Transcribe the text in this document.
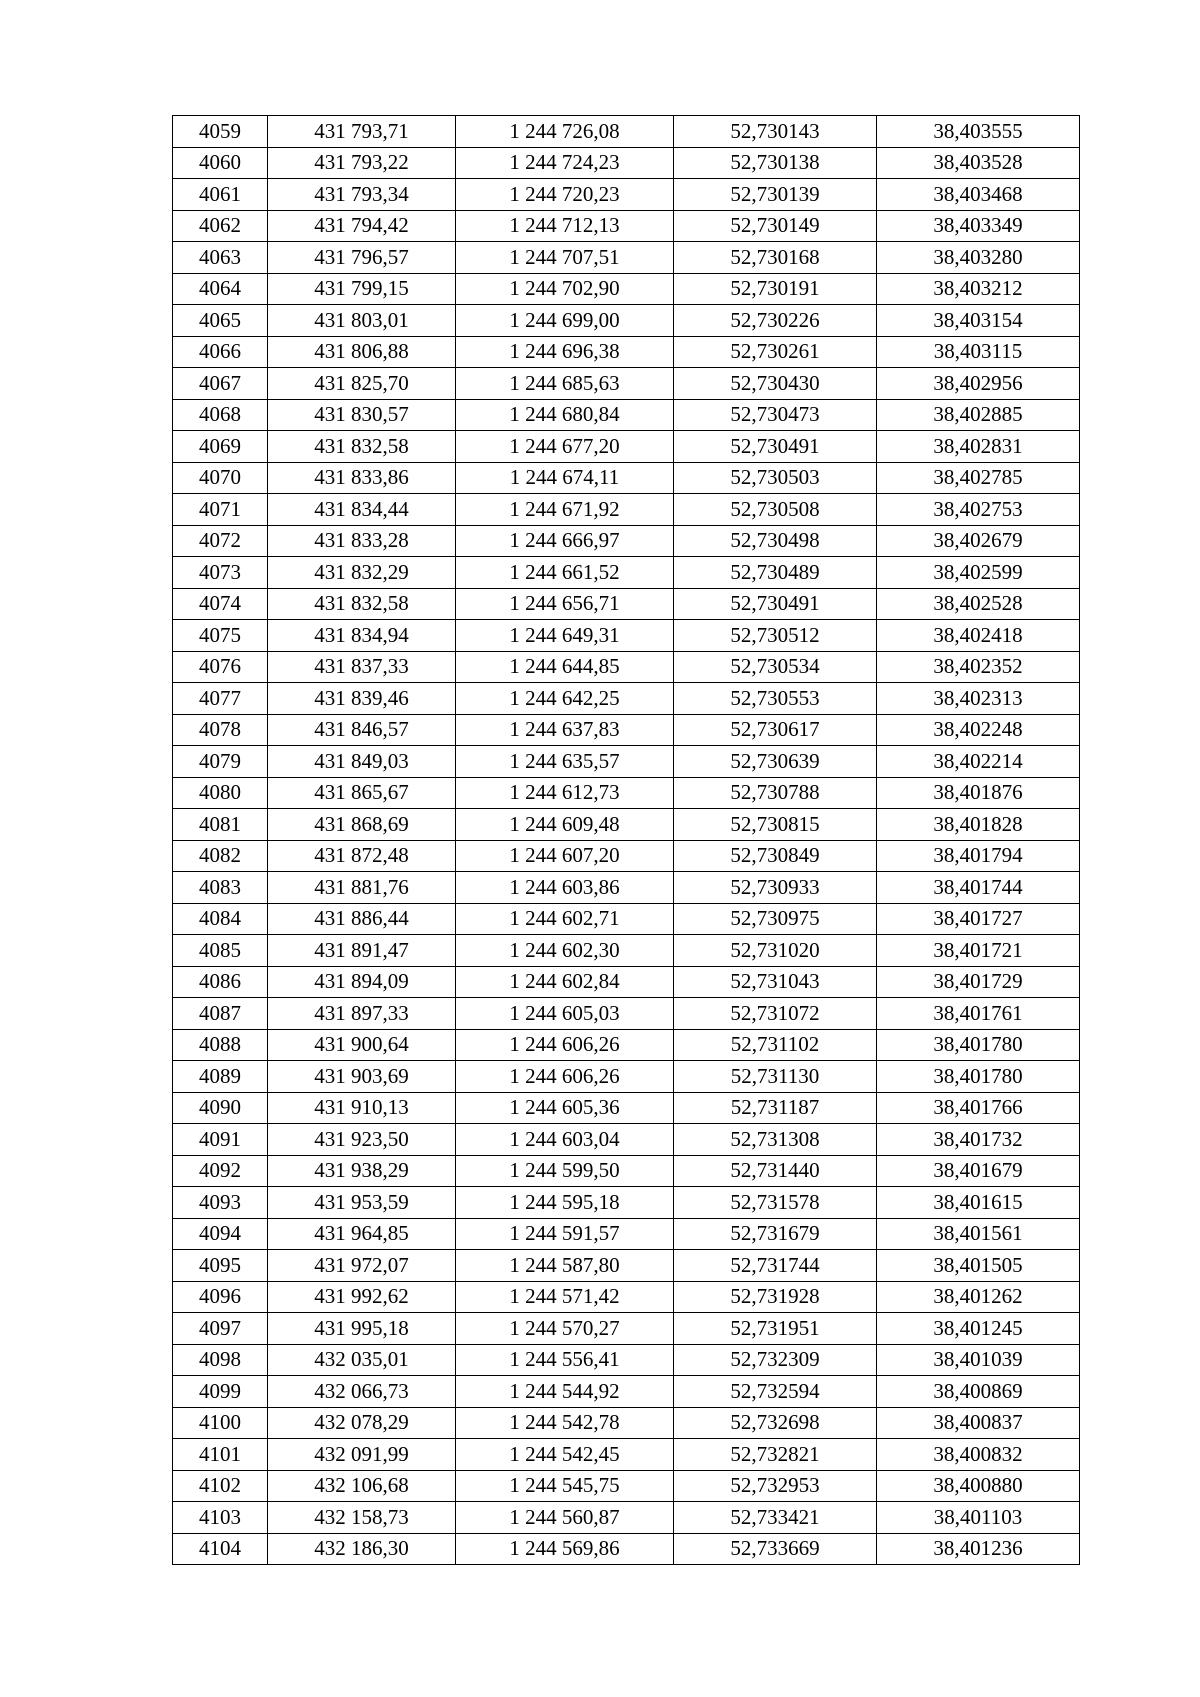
4059	431 793,71	1 244 726,08	52,730143	38,403555
4060	431 793,22	1 244 724,23	52,730138	38,403528
4061	431 793,34	1 244 720,23	52,730139	38,403468
4062	431 794,42	1 244 712,13	52,730149	38,403349
4063	431 796,57	1 244 707,51	52,730168	38,403280
4064	431 799,15	1 244 702,90	52,730191	38,403212
4065	431 803,01	1 244 699,00	52,730226	38,403154
4066	431 806,88	1 244 696,38	52,730261	38,403115
4067	431 825,70	1 244 685,63	52,730430	38,402956
4068	431 830,57	1 244 680,84	52,730473	38,402885
4069	431 832,58	1 244 677,20	52,730491	38,402831
4070	431 833,86	1 244 674,11	52,730503	38,402785
4071	431 834,44	1 244 671,92	52,730508	38,402753
4072	431 833,28	1 244 666,97	52,730498	38,402679
4073	431 832,29	1 244 661,52	52,730489	38,402599
4074	431 832,58	1 244 656,71	52,730491	38,402528
4075	431 834,94	1 244 649,31	52,730512	38,402418
4076	431 837,33	1 244 644,85	52,730534	38,402352
4077	431 839,46	1 244 642,25	52,730553	38,402313
4078	431 846,57	1 244 637,83	52,730617	38,402248
4079	431 849,03	1 244 635,57	52,730639	38,402214
4080	431 865,67	1 244 612,73	52,730788	38,401876
4081	431 868,69	1 244 609,48	52,730815	38,401828
4082	431 872,48	1 244 607,20	52,730849	38,401794
4083	431 881,76	1 244 603,86	52,730933	38,401744
4084	431 886,44	1 244 602,71	52,730975	38,401727
4085	431 891,47	1 244 602,30	52,731020	38,401721
4086	431 894,09	1 244 602,84	52,731043	38,401729
4087	431 897,33	1 244 605,03	52,731072	38,401761
4088	431 900,64	1 244 606,26	52,731102	38,401780
4089	431 903,69	1 244 606,26	52,731130	38,401780
4090	431 910,13	1 244 605,36	52,731187	38,401766
4091	431 923,50	1 244 603,04	52,731308	38,401732
4092	431 938,29	1 244 599,50	52,731440	38,401679
4093	431 953,59	1 244 595,18	52,731578	38,401615
4094	431 964,85	1 244 591,57	52,731679	38,401561
4095	431 972,07	1 244 587,80	52,731744	38,401505
4096	431 992,62	1 244 571,42	52,731928	38,401262
4097	431 995,18	1 244 570,27	52,731951	38,401245
4098	432 035,01	1 244 556,41	52,732309	38,401039
4099	432 066,73	1 244 544,92	52,732594	38,400869
4100	432 078,29	1 244 542,78	52,732698	38,400837
4101	432 091,99	1 244 542,45	52,732821	38,400832
4102	432 106,68	1 244 545,75	52,732953	38,400880
4103	432 158,73	1 244 560,87	52,733421	38,401103
4104	432 186,30	1 244 569,86	52,733669	38,401236
